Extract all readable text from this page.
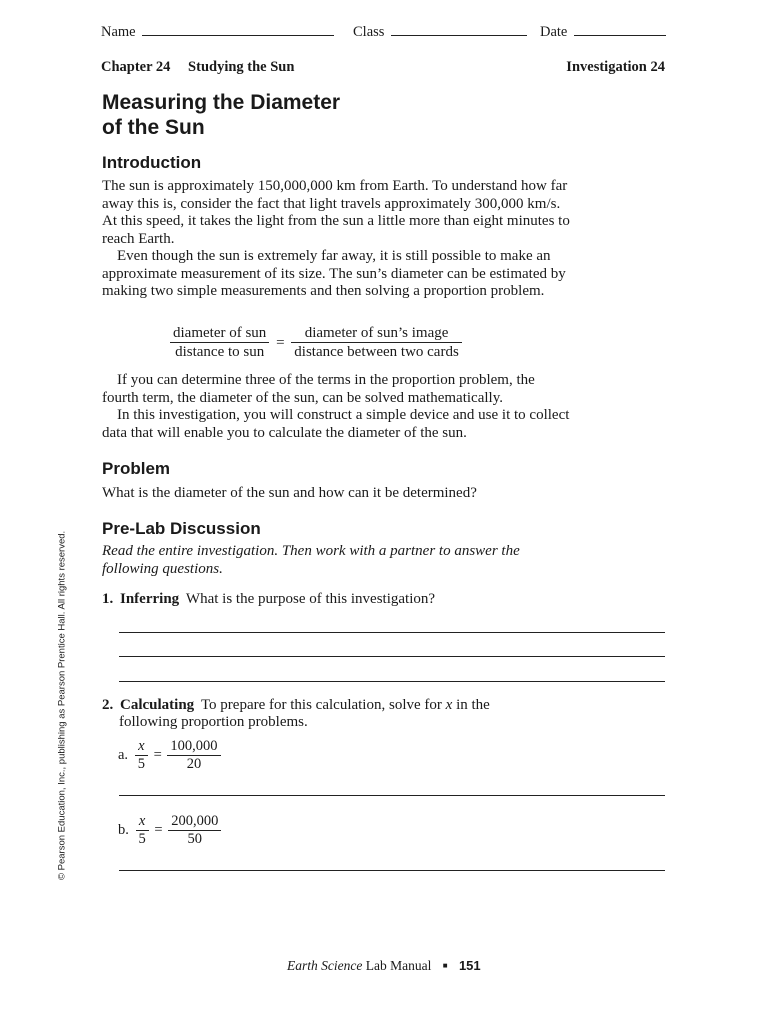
Name	Class	Date
Chapter 24 Studying the Sun	Investigation 24
Measuring the Diameter
of the Sun
Introduction
The sun is approximately 150,000,000 km from Earth. To understand how far away this is, consider the fact that light travels approximately 300,000 km/s. At this speed, it takes the light from the sun a little more than eight minutes to reach Earth.
Even though the sun is extremely far away, it is still possible to make an approximate measurement of its size. The sun’s diameter can be estimated by making two simple measurements and then solving a proportion problem.
$\frac{\text{diameter of sun}}{\text{distance to sun}} = \frac{\text{diameter of sun’s image}}{\text{distance between two cards}}$
If you can determine three of the terms in the proportion problem, the fourth term, the diameter of the sun, can be solved mathematically.
In this investigation, you will construct a simple device and use it to collect data that will enable you to calculate the diameter of the sun.
Problem
What is the diameter of the sun and how can it be determined?
Pre-Lab Discussion
Read the entire investigation. Then work with a partner to answer the following questions.
1. Inferring What is the purpose of this investigation?
2. Calculating To prepare for this calculation, solve for x in the
following proportion problems.
a. $\frac{x}{5} = \frac{100,000}{20}$
b. $\frac{x}{5} = \frac{200,000}{50}$
© Pearson Education, Inc., publishing as Pearson Prentice Hall. All rights reserved.
Earth Science Lab Manual ■ 151
